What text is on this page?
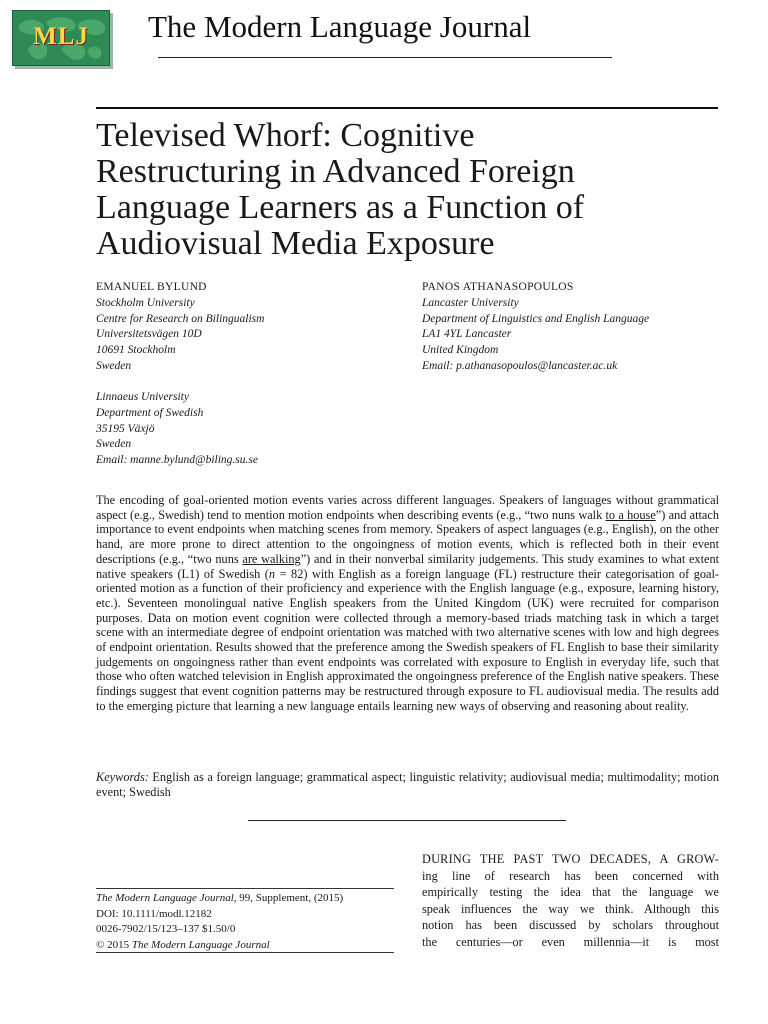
MLJ	The Modern Language Journal
Televised Whorf: Cognitive
Restructuring in Advanced Foreign
Language Learners as a Function of
Audiovisual Media Exposure
EMANUEL BYLUND
Stockholm University
Centre for Research on Bilingualism
Universitetsvägen 10D
10691 Stockholm
Sweden
Linnaeus University
Department of Swedish
35195 Växjö
Sweden
Email: manne.bylund@biling.su.se
PANOS ATHANASOPOULOS
Lancaster University
Department of Linguistics and English Language
LA1 4YL Lancaster
United Kingdom
Email: p.athanasopoulos@lancaster.ac.uk
The encoding of goal-oriented motion events varies across different languages. Speakers of languages without grammatical aspect (e.g., Swedish) tend to mention motion endpoints when describing events (e.g., “two nuns walk to a house”) and attach importance to event endpoints when matching scenes from memory. Speakers of aspect languages (e.g., English), on the other hand, are more prone to direct attention to the ongoingness of motion events, which is reflected both in their event descriptions (e.g., “two nuns are walking”) and in their nonverbal similarity judgements. This study examines to what extent native speakers (L1) of Swedish (n = 82) with English as a foreign language (FL) restructure their categorisation of goal-oriented motion as a function of their proficiency and experience with the English language (e.g., exposure, learning history, etc.). Seventeen monolingual native English speakers from the United Kingdom (UK) were recruited for comparison purposes. Data on motion event cognition were collected through a memory-based triads matching task in which a target scene with an intermediate degree of endpoint orientation was matched with two alternative scenes with low and high degrees of endpoint orientation. Results showed that the preference among the Swedish speakers of FL English to base their similarity judgements on ongoingness rather than event endpoints was correlated with exposure to English in everyday life, such that those who often watched television in English approximated the ongoingness preference of the English native speakers. These findings suggest that event cognition patterns may be restructured through exposure to FL audiovisual media. The results add to the emerging picture that learning a new language entails learning new ways of observing and reasoning about reality.
Keywords: English as a foreign language; grammatical aspect; linguistic relativity; audiovisual media; multimodality; motion event; Swedish
The Modern Language Journal, 99, Supplement, (2015)
DOI: 10.1111/modl.12182
0026-7902/15/123–137 $1.50/0
© 2015 The Modern Language Journal
DURING THE PAST TWO DECADES, A GROW-
ing line of research has been concerned with
empirically testing the idea that the language we
speak influences the way we think. Although this
notion has been discussed by scholars throughout
the centuries—or even millennia—it is most
